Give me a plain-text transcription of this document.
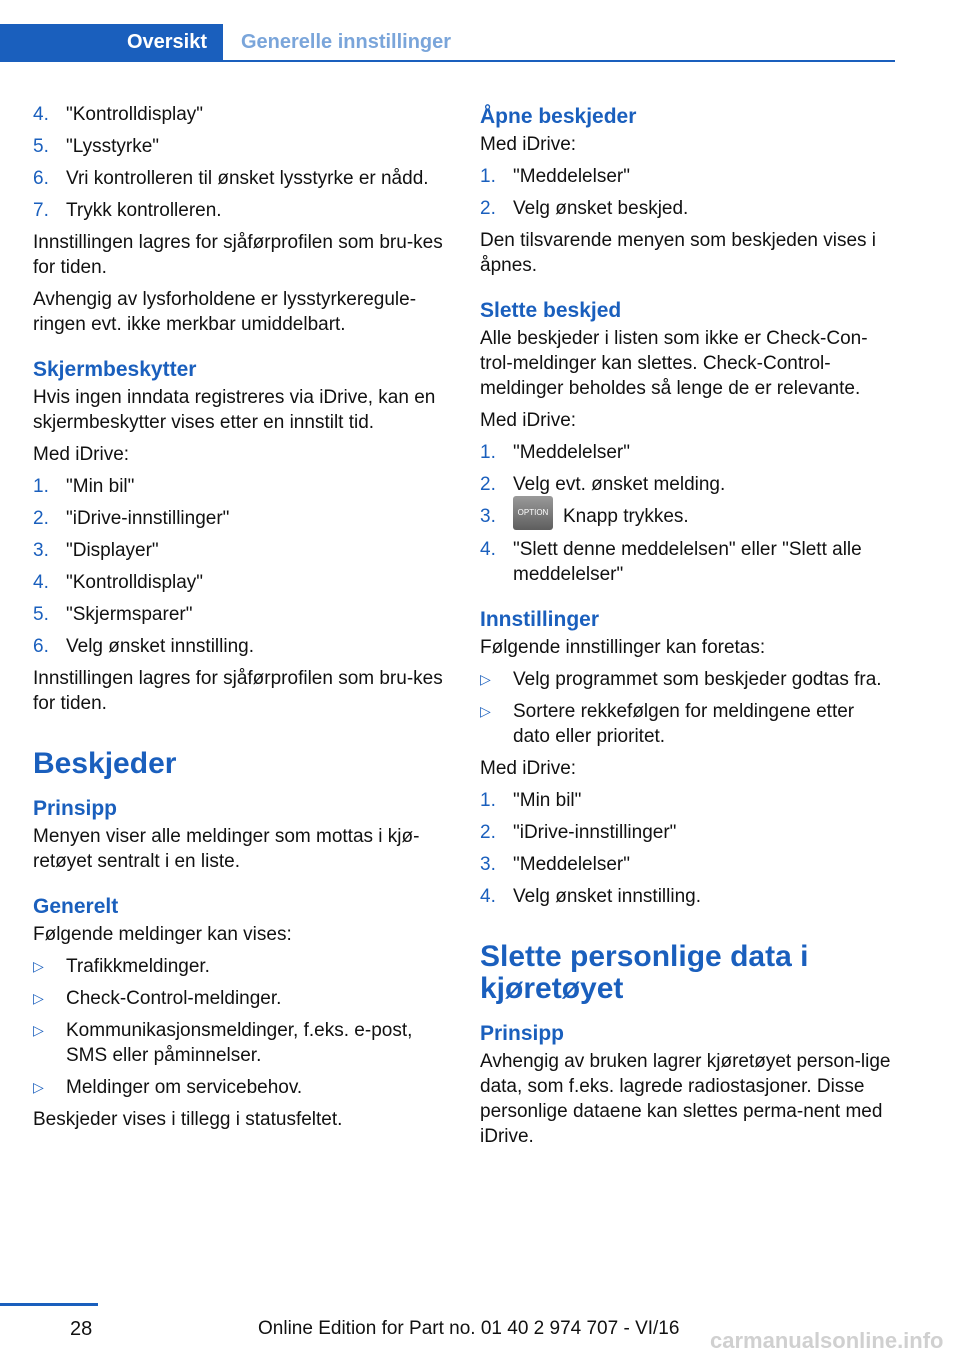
Oversikt	Generelle innstillinger
4. "Kontrolldisplay"
5. "Lysstyrke"
6. Vri kontrolleren til ønsket lysstyrke er nådd.
7. Trykk kontrolleren.
Innstillingen lagres for sjåførprofilen som bru-kes for tiden.
Avhengig av lysforholdene er lysstyrkeregule-ringen evt. ikke merkbar umiddelbart.
Skjermbeskytter
Hvis ingen inndata registreres via iDrive, kan en skjermbeskytter vises etter en innstilt tid.
Med iDrive:
1. "Min bil"
2. "iDrive-innstillinger"
3. "Displayer"
4. "Kontrolldisplay"
5. "Skjermsparer"
6. Velg ønsket innstilling.
Innstillingen lagres for sjåførprofilen som bru-kes for tiden.
Beskjeder
Prinsipp
Menyen viser alle meldinger som mottas i kjø-retøyet sentralt i en liste.
Generelt
Følgende meldinger kan vises:
▷	Trafikkmeldinger.
▷	Check-Control-meldinger.
▷	Kommunikasjonsmeldinger, f.eks. e-post, SMS eller påminnelser.
▷	Meldinger om servicebehov.
Beskjeder vises i tillegg i statusfeltet.
Åpne beskjeder
Med iDrive:
1. "Meddelelser"
2. Velg ønsket beskjed.
Den tilsvarende menyen som beskjeden vises i åpnes.
Slette beskjed
Alle beskjeder i listen som ikke er Check-Con-trol-meldinger kan slettes. Check-Control-meldinger beholdes så lenge de er relevante.
Med iDrive:
1. "Meddelelser"
2. Velg evt. ønsket melding.
3.	OPTION Knapp trykkes.
4. "Slett denne meddelelsen" eller "Slett alle meddelelser"
Innstillinger
Følgende innstillinger kan foretas:
▷	Velg programmet som beskjeder godtas fra.
▷	Sortere rekkefølgen for meldingene etter dato eller prioritet.
Med iDrive:
1. "Min bil"
2. "iDrive-innstillinger"
3. "Meddelelser"
4. Velg ønsket innstilling.
Slette personlige data i kjøretøyet
Prinsipp
Avhengig av bruken lagrer kjøretøyet person-lige data, som f.eks. lagrede radiostasjoner. Disse personlige dataene kan slettes perma-nent med iDrive.
28	Online Edition for Part no. 01 40 2 974 707 - VI/16 carmanualsonline.info
